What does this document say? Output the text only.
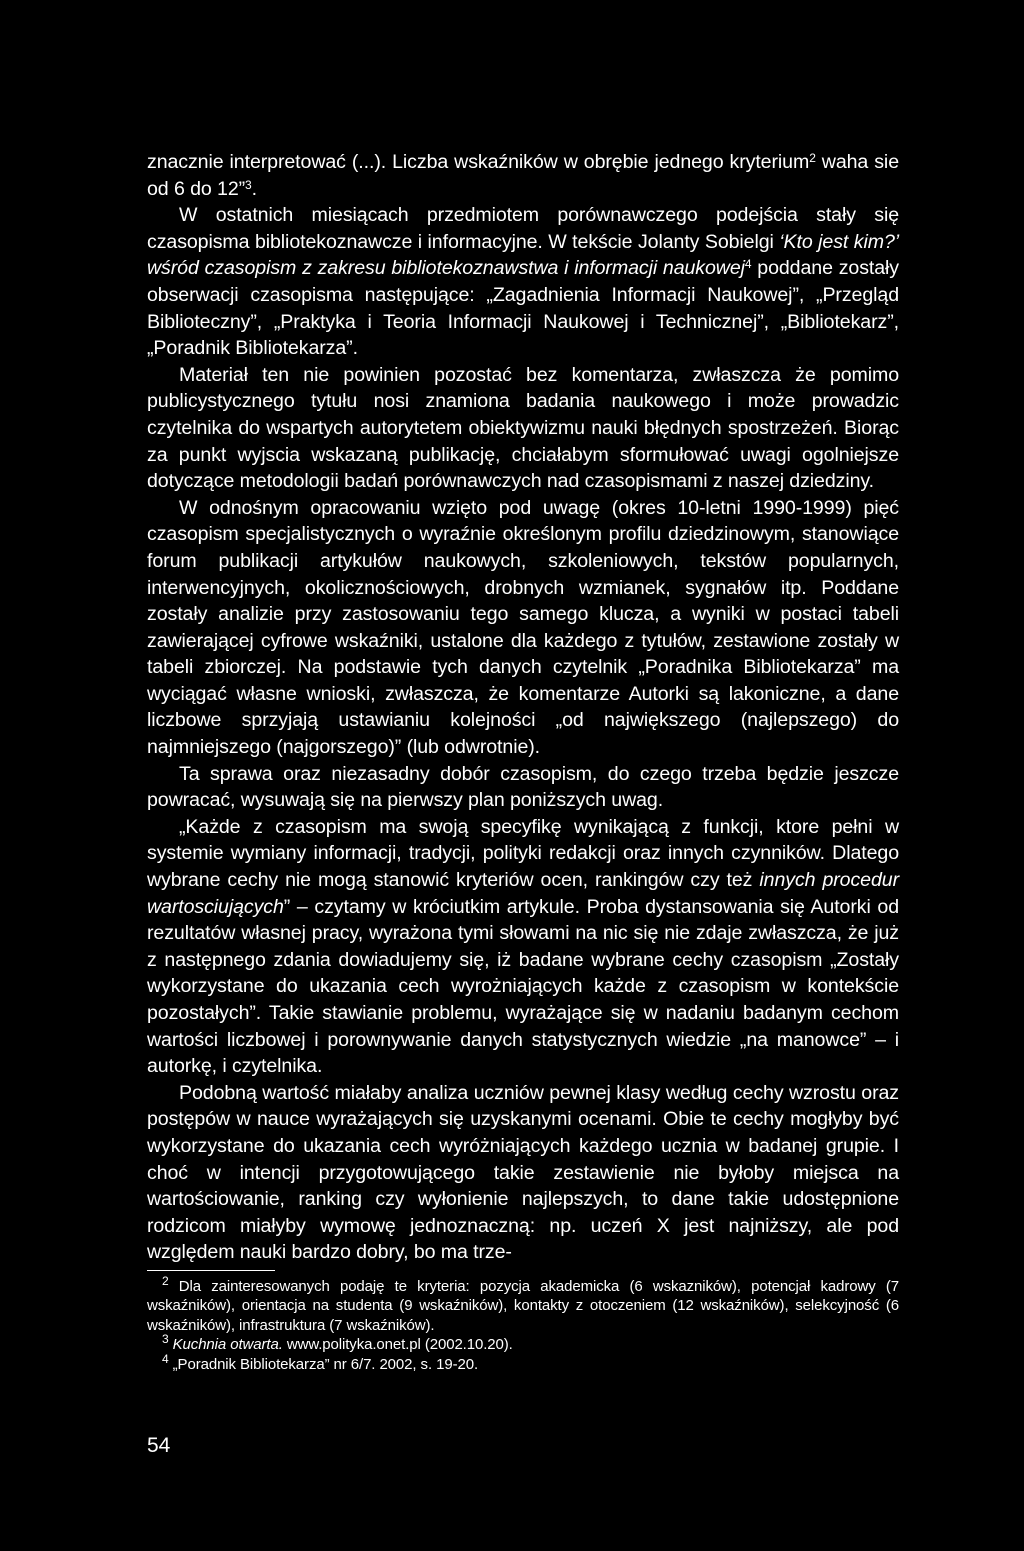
znacznie interpretować (...). Liczba wskaźników w obrębie jednego kryterium$^2$ waha sie od 6 do 12”$^3$.

W ostatnich miesiącach przedmiotem porównawczego podejścia stały się czasopisma bibliotekoznawcze i informacyjne. W tekście Jolanty Sobielgi ‘Kto jest kim?’ wśród czasopism z zakresu bibliotekoznawstwa i informacji naukowej$^4$ poddane zostały obserwacji czasopisma następujące: „Zagadnienia Informacji Naukowej”, „Przegląd Biblioteczny”, „Praktyka i Teoria Informacji Naukowej i Technicznej”, „Bibliotekarz”, „Poradnik Bibliotekarza”.

Materiał ten nie powinien pozostać bez komentarza, zwłaszcza że pomimo publicystycznego tytułu nosi znamiona badania naukowego i może prowadzic czytelnika do wspartych autorytetem obiektywizmu nauki błędnych spostrzeżeń. Biorąc za punkt wyjscia wskazaną publikację, chciałabym sformułować uwagi ogolniejsze dotyczące metodologii badań porównawczych nad czasopismami z naszej dziedziny.

W odnośnym opracowaniu wzięto pod uwagę (okres 10-letni 1990-1999) pięć czasopism specjalistycznych o wyraźnie określonym profilu dziedzinowym, stanowiące forum publikacji artykułów naukowych, szkoleniowych, tekstów popularnych, interwencyjnych, okolicznościowych, drobnych wzmianek, sygnałów itp. Poddane zostały analizie przy zastosowaniu tego samego klucza, a wyniki w postaci tabeli zawierającej cyfrowe wskaźniki, ustalone dla każdego z tytułów, zestawione zostały w tabeli zbiorczej. Na podstawie tych danych czytelnik „Poradnika Bibliotekarza” ma wyciągać własne wnioski, zwłaszcza, że komentarze Autorki są lakoniczne, a dane liczbowe sprzyjają ustawianiu kolejności „od największego (najlepszego) do najmniejszego (najgorszego)” (lub odwrotnie).

Ta sprawa oraz niezasadny dobór czasopism, do czego trzeba będzie jeszcze powracać, wysuwają się na pierwszy plan poniższych uwag.

„Każde z czasopism ma swoją specyfikę wynikającą z funkcji, ktore pełni w systemie wymiany informacji, tradycji, polityki redakcji oraz innych czynników. Dlatego wybrane cechy nie mogą stanowić kryteriów ocen, rankingów czy też innych procedur wartosciujących” – czytamy w króciutkim artykule. Proba dystansowania się Autorki od rezultatów własnej pracy, wyrażona tymi słowami na nic się nie zdaje zwłaszcza, że już z następnego zdania dowiadujemy się, iż badane wybrane cechy czasopism „Zostały wykorzystane do ukazania cech wyrożniających każde z czasopism w kontekście pozostałych”. Takie stawianie problemu, wyrażające się w nadaniu badanym cechom wartości liczbowej i porownywanie danych statystycznych wiedzie „na manowce” – i autorkę, i czytelnika.

Podobną wartość miałaby analiza uczniów pewnej klasy według cechy wzrostu oraz postępów w nauce wyrażających się uzyskanymi ocenami. Obie te cechy mogłyby być wykorzystane do ukazania cech wyróżniających każdego ucznia w badanej grupie. I choć w intencji przygotowującego takie zestawienie nie byłoby miejsca na wartościowanie, ranking czy wyłonienie najlepszych, to dane takie udostępnione rodzicom miałyby wymowę jednoznaczną: np. uczeń X jest najniższy, ale pod względem nauki bardzo dobry, bo ma trze-

$^2$ Dla zainteresowanych podaję te kryteria: pozycja akademicka (6 wskazników), potencjał kadrowy (7 wskaźników), orientacja na studenta (9 wskaźników), kontakty z otoczeniem (12 wskaźników), selekcyjność (6 wskaźników), infrastruktura (7 wskaźników).

$^3$ Kuchnia otwarta. www.polityka.onet.pl (2002.10.20).

$^4$ „Poradnik Bibliotekarza” nr 6/7. 2002, s. 19-20.

54
